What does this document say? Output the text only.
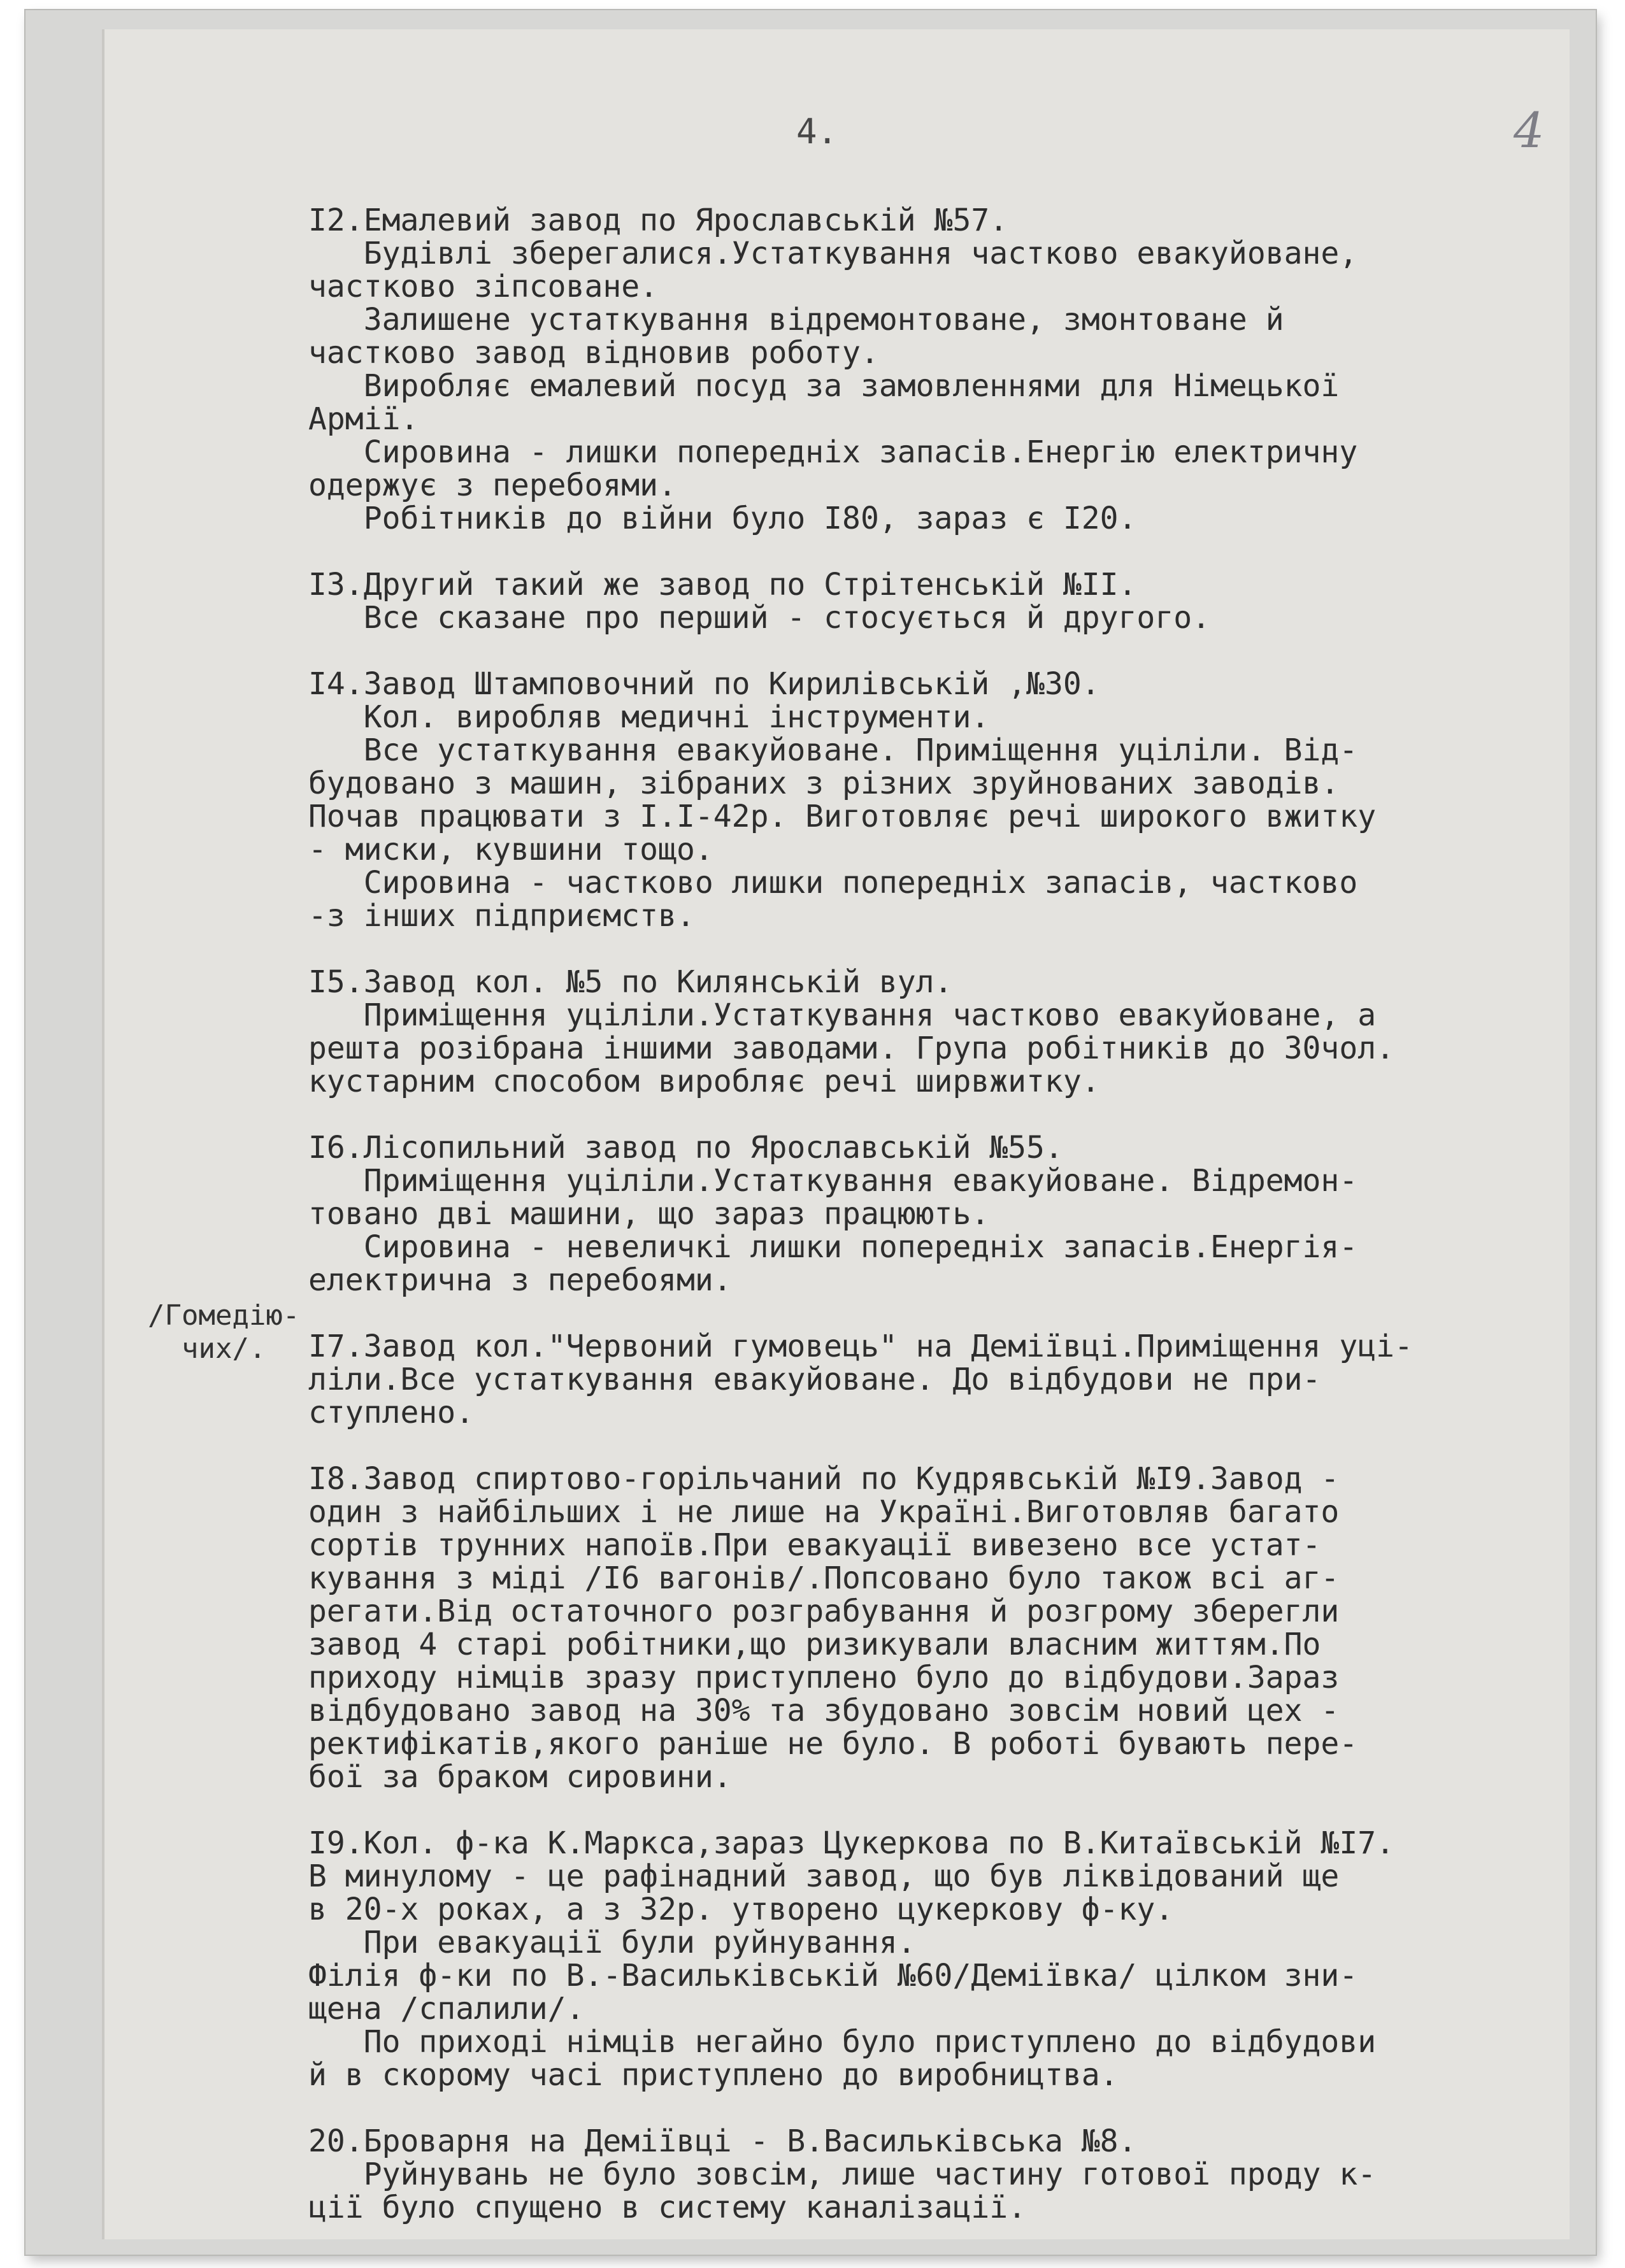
4.	4
/Гомедію-
чих/.

I2.Емалевий завод по Ярославській №57.

Будівлі зберегалися.Устаткування частково евакуйоване,

частково зіпсоване.

Залишене устаткування відремонтоване, змонтоване й

частково завод відновив роботу.

Виробляє емалевий посуд за замовленнями для Німецької

Армії.

Сировина - лишки попередніх запасів.Енергію електричну

одержує з перебоями.

Робітників до війни було I80, зараз є I20.

I3.Другий такий же завод по Стрітенській №II.

Все сказане про перший - стосується й другого.

I4.Завод Штамповочний по Кирилівській ,№30.

Кол. виробляв медичні інструменти.

Все устаткування евакуйоване. Приміщення уціліли. Від-

будовано з машин, зібраних з різних зруйнованих заводів.

Почав працювати з I.I-42р. Виготовляє речі широкого вжитку

- миски, кувшини тощо.

Сировина - частково лишки попередніх запасів, частково

-з інших підприємств.

I5.Завод кол. №5 по Килянській вул.

Приміщення уціліли.Устаткування частково евакуйоване, а

решта розібрана іншими заводами. Група робітників до 30чол.

кустарним способом виробляє речі ширвжитку.

I6.Лісопильний завод по Ярославській №55.

Приміщення уціліли.Устаткування евакуйоване. Відремон-

товано дві машини, що зараз працюють.

Сировина - невеличкі лишки попередніх запасів.Енергія-

електрична з перебоями.

I7.Завод кол."Червоний гумовець" на Деміївці.Приміщення уці-

ліли.Все устаткування евакуйоване. До відбудови не при-

ступлено.

I8.Завод спиртово-горільчаний по Кудрявській №I9.Завод -

один з найбільших і не лише на Україні.Виготовляв багато

сортів трунних напоїв.При евакуації вивезено все устат-

кування з міді /I6 вагонів/.Попсовано було також всі аг-

регати.Від остаточного розграбування й розгрому зберегли

завод 4 старі робітники,що ризикували власним життям.По

приходу німців зразу приступлено було до відбудови.Зараз

відбудовано завод на 30% та збудовано зовсім новий цех -

ректифікатів,якого раніше не було. В роботі бувають пере-

бої за браком сировини.

I9.Кол. ф-ка К.Маркса,зараз Цукеркова по В.Китаївській №I7.

В минулому - це рафінадний завод, що був ліквідований ще

в 20-х роках, а з 32р. утворено цукеркову ф-ку.

При евакуації були руйнування.

Філія ф-ки по В.-Васильківській №60/Деміївка/ цілком зни-

щена /спалили/.

По приході німців негайно було приступлено до відбудови

й в скорому часі приступлено до виробництва.

20.Броварня на Деміївці - В.Васильківська №8.

Руйнувань не було зовсім, лише частину готової проду к-

ції було спущено в систему каналізації.
